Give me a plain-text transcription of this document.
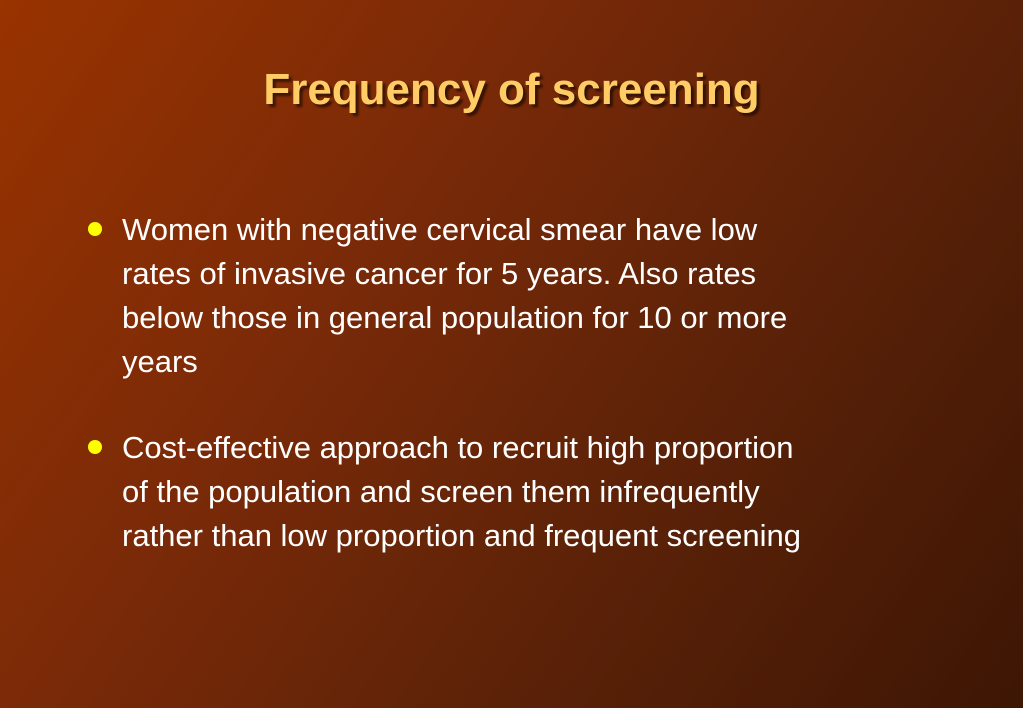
Frequency of screening
Women with negative cervical smear have low
rates of invasive cancer for 5 years. Also rates
below those in general population for 10 or more
years
Cost-effective approach to recruit high proportion
of the population and screen them infrequently
rather than low proportion and frequent screening
